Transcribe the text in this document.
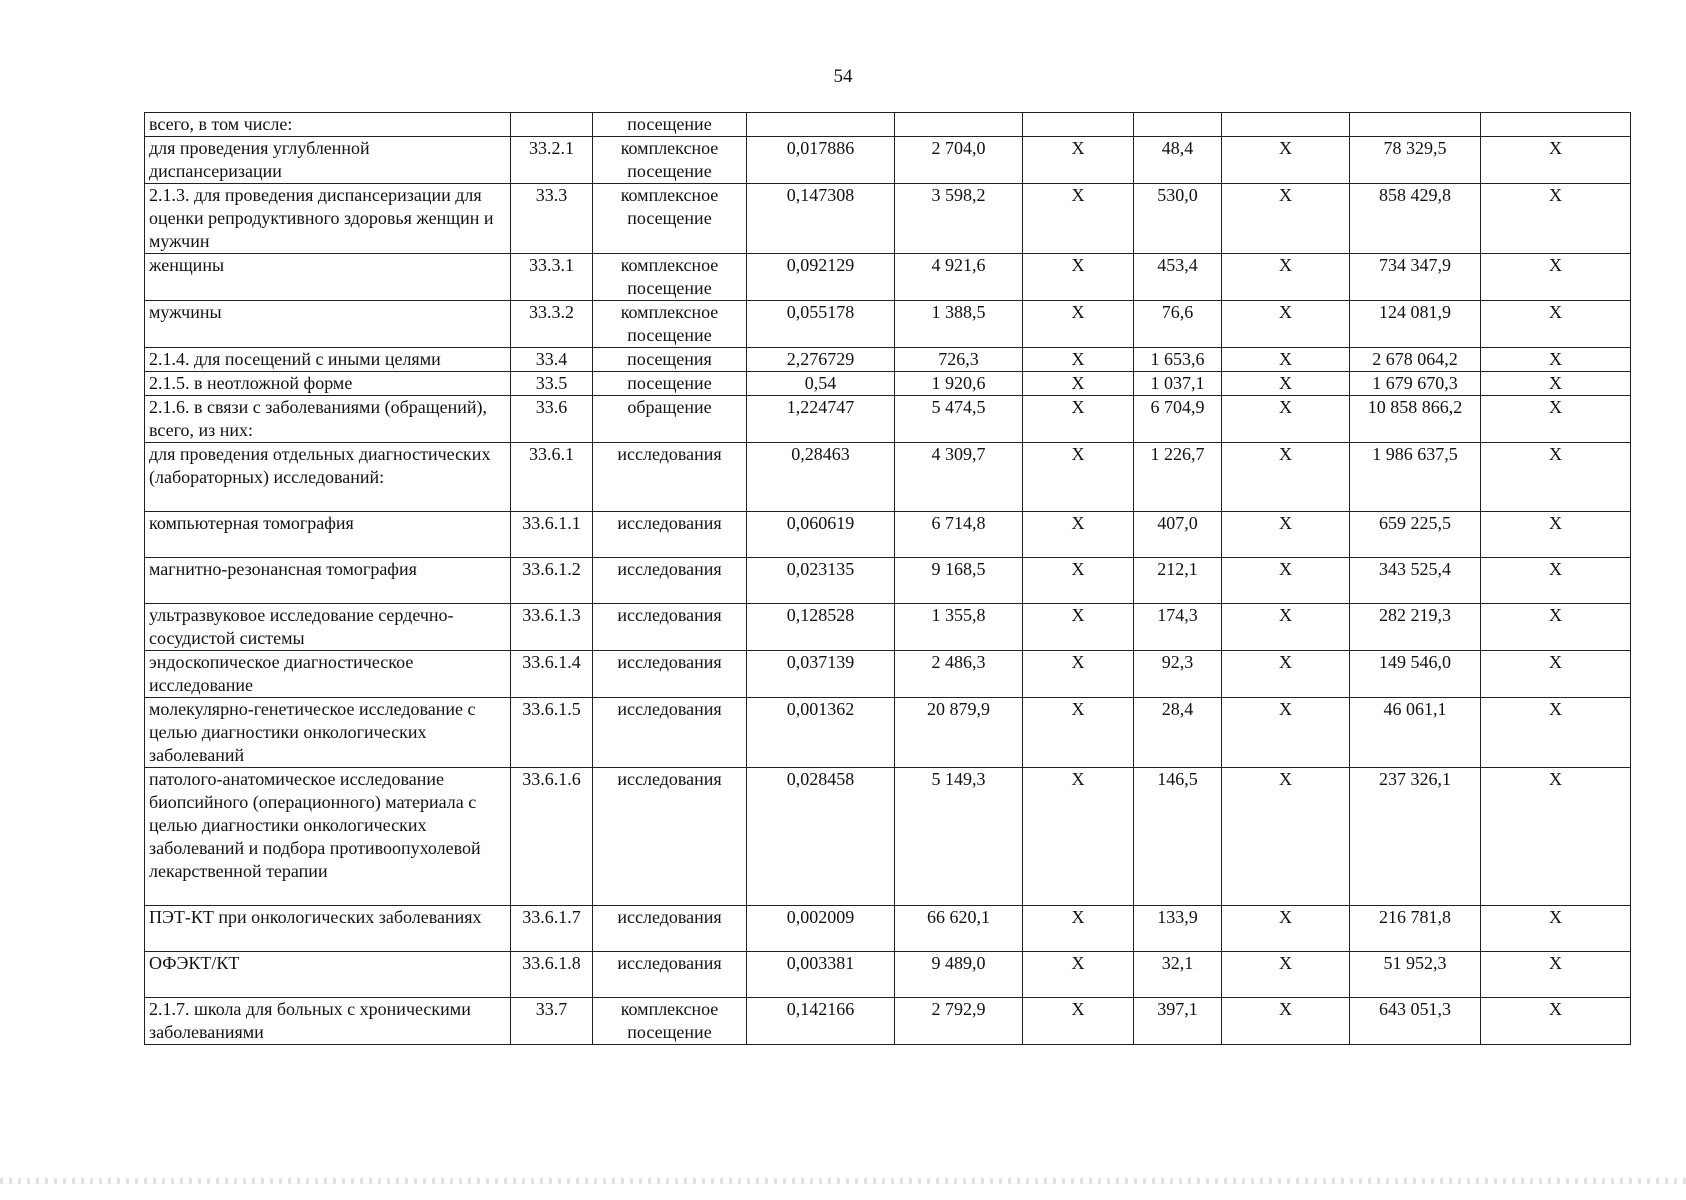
54
всего, в том числе:		посещение							
для проведения углубленной диспансеризации	33.2.1	комплексное посещение	0,017886	2 704,0	X	48,4	X	78 329,5	X
2.1.3. для проведения диспансеризации для оценки репродуктивного здоровья женщин и мужчин	33.3	комплексное посещение	0,147308	3 598,2	X	530,0	X	858 429,8	X
женщины	33.3.1	комплексное посещение	0,092129	4 921,6	X	453,4	X	734 347,9	X
мужчины	33.3.2	комплексное посещение	0,055178	1 388,5	X	76,6	X	124 081,9	X
2.1.4. для посещений с иными целями	33.4	посещения	2,276729	726,3	X	1 653,6	X	2 678 064,2	X
2.1.5. в неотложной форме	33.5	посещение	0,54	1 920,6	X	1 037,1	X	1 679 670,3	X
2.1.6. в связи с заболеваниями (обращений), всего, из них:	33.6	обращение	1,224747	5 474,5	X	6 704,9	X	10 858 866,2	X
для проведения отдельных диагностических (лабораторных) исследований:	33.6.1	исследования	0,28463	4 309,7	X	1 226,7	X	1 986 637,5	X
компьютерная томография	33.6.1.1	исследования	0,060619	6 714,8	X	407,0	X	659 225,5	X
магнитно-резонансная томография	33.6.1.2	исследования	0,023135	9 168,5	X	212,1	X	343 525,4	X
ультразвуковое исследование сердечно-сосудистой системы	33.6.1.3	исследования	0,128528	1 355,8	X	174,3	X	282 219,3	X
эндоскопическое диагностическое исследование	33.6.1.4	исследования	0,037139	2 486,3	X	92,3	X	149 546,0	X
молекулярно-генетическое исследование с целью диагностики онкологических заболеваний	33.6.1.5	исследования	0,001362	20 879,9	X	28,4	X	46 061,1	X
патолого-анатомическое исследование биопсийного (операционного) материала с целью диагностики онкологических заболеваний и подбора противоопухолевой лекарственной терапии	33.6.1.6	исследования	0,028458	5 149,3	X	146,5	X	237 326,1	X
ПЭТ-КТ при онкологических заболеваниях	33.6.1.7	исследования	0,002009	66 620,1	X	133,9	X	216 781,8	X
ОФЭКТ/КТ	33.6.1.8	исследования	0,003381	9 489,0	X	32,1	X	51 952,3	X
2.1.7. школа для больных с хроническими заболеваниями	33.7	комплексное посещение	0,142166	2 792,9	X	397,1	X	643 051,3	X
